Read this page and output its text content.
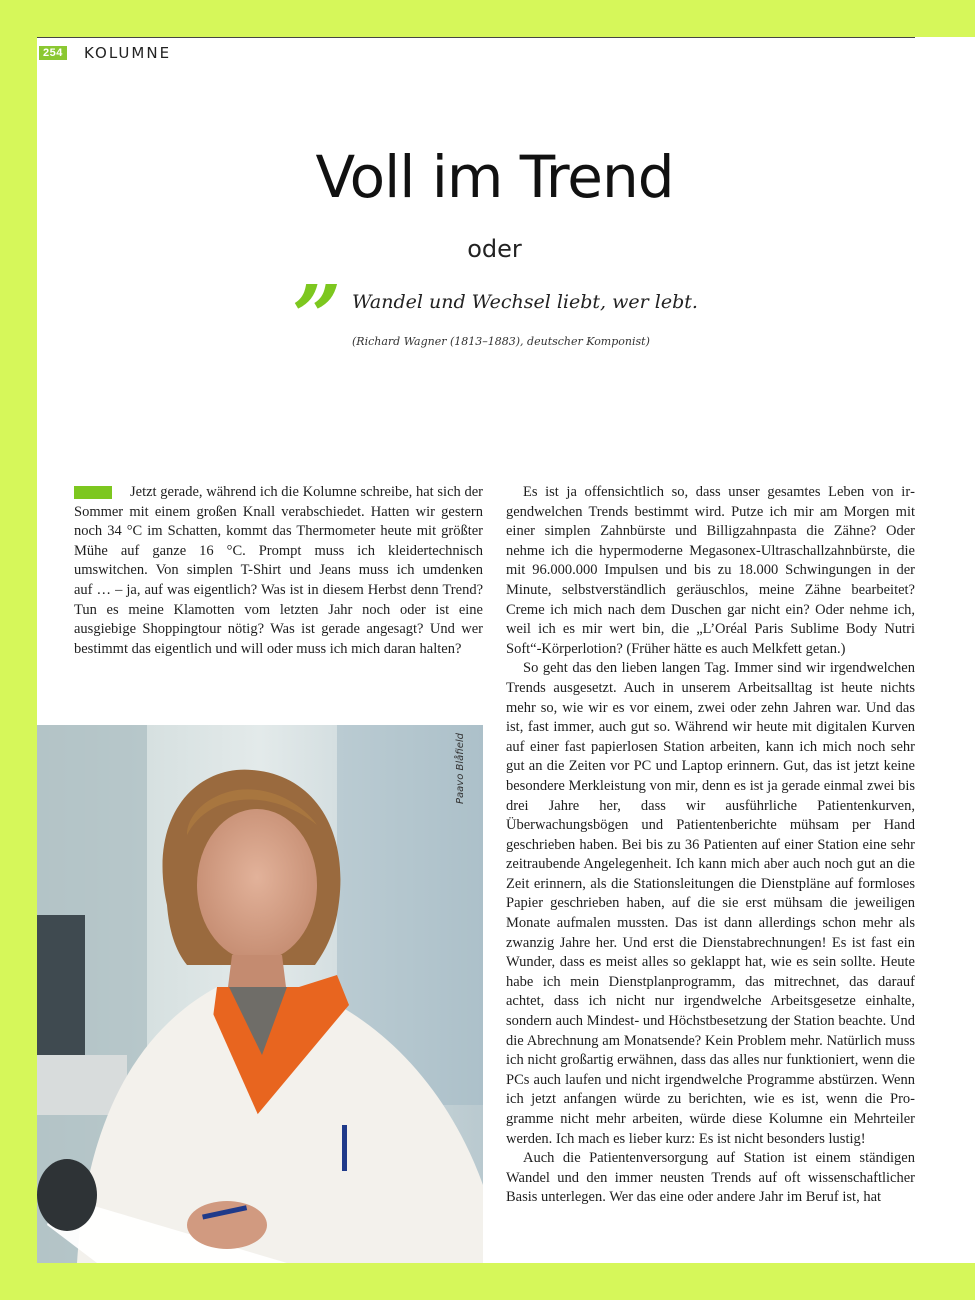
254 KOLUMNE
Voll im Trend
oder
” Wandel und Wechsel liebt, wer lebt.
(Richard Wagner (1813–1883), deutscher Komponist)

Jetzt gerade, während ich die Kolumne schreibe, hat sich der Sommer mit einem großen Knall verabschiedet. Hatten wir gestern noch 34 °C im Schatten, kommt das Thermometer heute mit größter Mühe auf ganze 16 °C. Prompt muss ich kleidertechnisch umswitchen. Von simplen T-Shirt und Jeans muss ich umdenken auf … – ja, auf was eigentlich? Was ist in diesem Herbst denn Trend? Tun es meine Klamotten vom letzten Jahr noch oder ist eine ausgiebige Shoppingtour nötig? Was ist gerade angesagt? Und wer bestimmt das eigentlich und will oder muss ich mich daran halten?

Es ist ja offensichtlich so, dass unser gesamtes Leben von irgendwelchen Trends bestimmt wird. Putze ich mir am Morgen mit einer simplen Zahnbürste und Billigzahnpasta die Zähne? Oder nehme ich die hypermoderne Megasonex-Ultraschallzahnbürste, die mit 96.000.000 Impulsen und bis zu 18.000 Schwingungen in der Minute, selbstverständlich geräuschlos, meine Zähne bearbeitet? Creme ich mich nach dem Duschen gar nicht ein? Oder nehme ich, weil ich es mir wert bin, die „L’Oréal Paris Sublime Body Nutri Soft“-Körperlotion? (Früher hätte es auch Melkfett getan.)

So geht das den lieben langen Tag. Immer sind wir irgendwelchen Trends ausgesetzt. Auch in unserem Arbeitsalltag ist heute nichts mehr so, wie wir es vor einem, zwei oder zehn Jahren war. Und das ist, fast immer, auch gut so. Während wir heute mit digitalen Kurven auf einer fast papierlosen Station arbeiten, kann ich mich noch sehr gut an die Zeiten vor PC und Laptop erinnern. Gut, das ist jetzt keine besondere Merkleistung von mir, denn es ist ja gerade einmal zwei bis drei Jahre her, dass wir ausführliche Patientenkurven, Überwachungsbögen und Patientenberichte mühsam per Hand geschrieben haben. Bei bis zu 36 Patienten auf einer Station eine sehr zeitraubende Angelegenheit. Ich kann mich aber auch noch gut an die Zeit erinnern, als die Stationsleitungen die Dienstpläne auf formloses Papier geschrieben haben, auf die sie erst mühsam die jeweiligen Monate aufmalen mussten. Das ist dann allerdings schon mehr als zwanzig Jahre her. Und erst die Dienstabrechnungen! Es ist fast ein Wunder, dass es meist alles so geklappt hat, wie es sein sollte. Heute habe ich mein Dienstplanprogramm, das mitrechnet, das darauf achtet, dass ich nicht nur irgendwelche Arbeitsgesetze einhalte, sondern auch Mindest- und Höchstbesetzung der Station beachte. Und die Abrechnung am Monatsende? Kein Problem mehr. Natürlich muss ich nicht großartig erwähnen, dass das alles nur funktioniert, wenn die PCs auch laufen und nicht irgendwelche Programme abstürzen. Wenn ich jetzt anfangen würde zu berichten, wie es ist, wenn die Programme nicht mehr arbeiten, würde diese Kolumne ein Mehrteiler werden. Ich mach es lieber kurz: Es ist nicht besonders lustig!

Auch die Patientenversorgung auf Station ist einem ständigen Wandel und den immer neusten Trends auf oft wissenschaftlicher Basis unterlegen. Wer das eine oder andere Jahr im Beruf ist, hat

Paavo Blåfield
